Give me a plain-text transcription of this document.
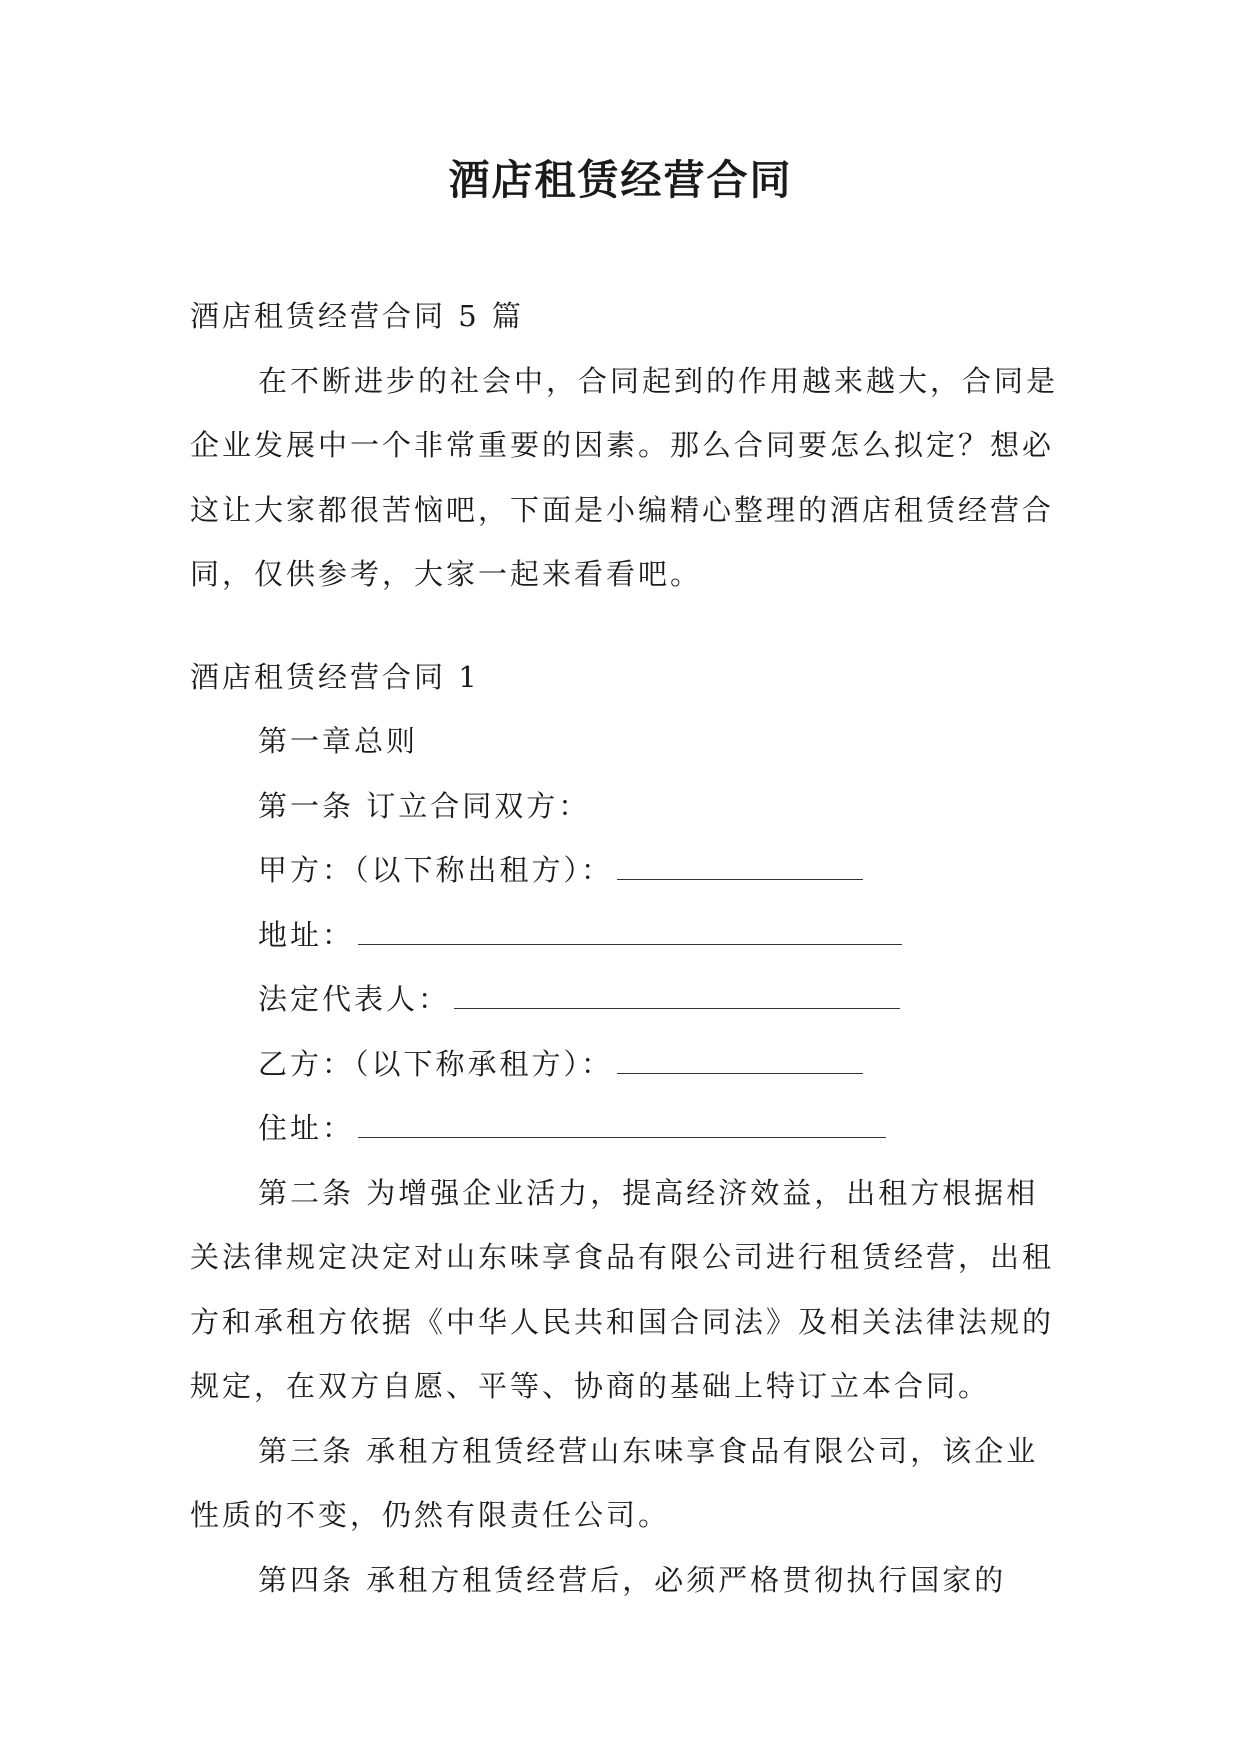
酒店租赁经营合同

酒店租赁经营合同 5 篇

在不断进步的社会中，合同起到的作用越来越大，合同是企业发展中一个非常重要的因素。那么合同要怎么拟定？想必这让大家都很苦恼吧，下面是小编精心整理的酒店租赁经营合同，仅供参考，大家一起来看看吧。

酒店租赁经营合同 1

第一章总则

第一条 订立合同双方：

甲方：（以下称出租方）：

地址：

法定代表人：

乙方：（以下称承租方）：

住址：

第二条 为增强企业活力，提高经济效益，出租方根据相关法律规定决定对山东味享食品有限公司进行租赁经营，出租方和承租方依据《中华人民共和国合同法》及相关法律法规的规定，在双方自愿、平等、协商的基础上特订立本合同。

第三条 承租方租赁经营山东味享食品有限公司，该企业性质的不变，仍然有限责任公司。

第四条 承租方租赁经营后，必须严格贯彻执行国家的
